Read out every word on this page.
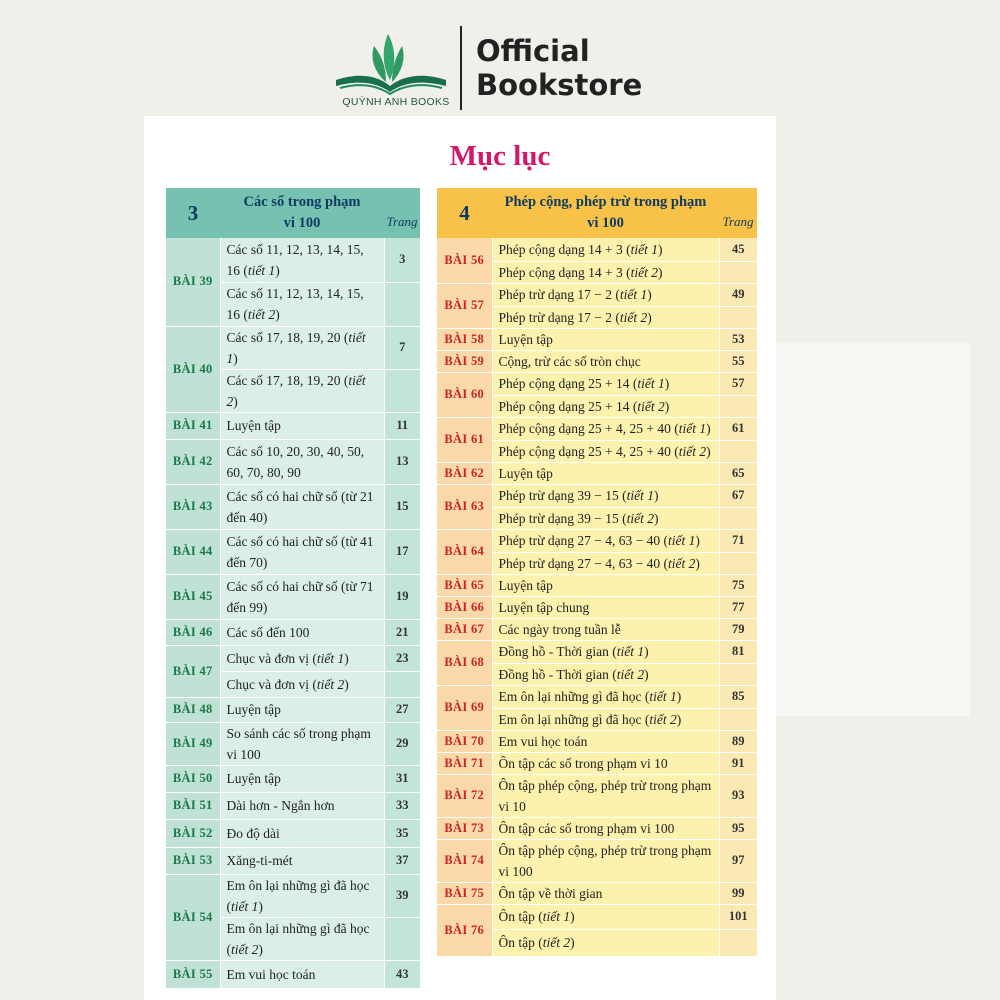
QUỲNH ANH BOOKS
Official
Bookstore
Mục lục
3	Các số trong phạm
vi 100	Trang
BÀI 39	Các số 11, 12, 13, 14, 15, 16 (tiết 1)	3
	Các số 11, 12, 13, 14, 15, 16 (tiết 2)	
BÀI 40	Các số 17, 18, 19, 20 (tiết 1)	7
	Các số 17, 18, 19, 20 (tiết 2)	
BÀI 41	Luyện tập	11
BÀI 42	Các số 10, 20, 30, 40, 50, 60, 70, 80, 90	13
BÀI 43	Các số có hai chữ số (từ 21 đến 40)	15
BÀI 44	Các số có hai chữ số (từ 41 đến 70)	17
BÀI 45	Các số có hai chữ số (từ 71 đến 99)	19
BÀI 46	Các số đến 100	21
BÀI 47	Chục và đơn vị (tiết 1)	23
	Chục và đơn vị (tiết 2)	
BÀI 48	Luyện tập	27
BÀI 49	So sánh các số trong phạm vi 100	29
BÀI 50	Luyện tập	31
BÀI 51	Dài hơn - Ngắn hơn	33
BÀI 52	Đo độ dài	35
BÀI 53	Xăng-ti-mét	37
BÀI 54	Em ôn lại những gì đã học (tiết 1)	39
	Em ôn lại những gì đã học (tiết 2)	
BÀI 55	Em vui học toán	43
4	Phép cộng, phép trừ trong phạm
vi 100	Trang
BÀI 56	Phép cộng dạng 14 + 3 (tiết 1)	45
	Phép cộng dạng 14 + 3 (tiết 2)	
BÀI 57	Phép trừ dạng 17 − 2 (tiết 1)	49
	Phép trừ dạng 17 − 2 (tiết 2)	
BÀI 58	Luyện tập	53
BÀI 59	Cộng, trừ các số tròn chục	55
BÀI 60	Phép cộng dạng 25 + 14 (tiết 1)	57
	Phép cộng dạng 25 + 14 (tiết 2)	
BÀI 61	Phép cộng dạng 25 + 4, 25 + 40 (tiết 1)	61
	Phép cộng dạng 25 + 4, 25 + 40 (tiết 2)	
BÀI 62	Luyện tập	65
BÀI 63	Phép trừ dạng 39 − 15 (tiết 1)	67
	Phép trừ dạng 39 − 15 (tiết 2)	
BÀI 64	Phép trừ dạng 27 − 4, 63 − 40 (tiết 1)	71
	Phép trừ dạng 27 − 4, 63 − 40 (tiết 2)	
BÀI 65	Luyện tập	75
BÀI 66	Luyện tập chung	77
BÀI 67	Các ngày trong tuần lễ	79
BÀI 68	Đồng hồ - Thời gian (tiết 1)	81
	Đồng hồ - Thời gian (tiết 2)	
BÀI 69	Em ôn lại những gì đã học (tiết 1)	85
	Em ôn lại những gì đã học (tiết 2)	
BÀI 70	Em vui học toán	89
BÀI 71	Ôn tập các số trong phạm vi 10	91
BÀI 72	Ôn tập phép cộng, phép trừ trong phạm vi 10	93
BÀI 73	Ôn tập các số trong phạm vi 100	95
BÀI 74	Ôn tập phép cộng, phép trừ trong phạm vi 100	97
BÀI 75	Ôn tập về thời gian	99
BÀI 76	Ôn tập (tiết 1)	101
	Ôn tập (tiết 2)	
